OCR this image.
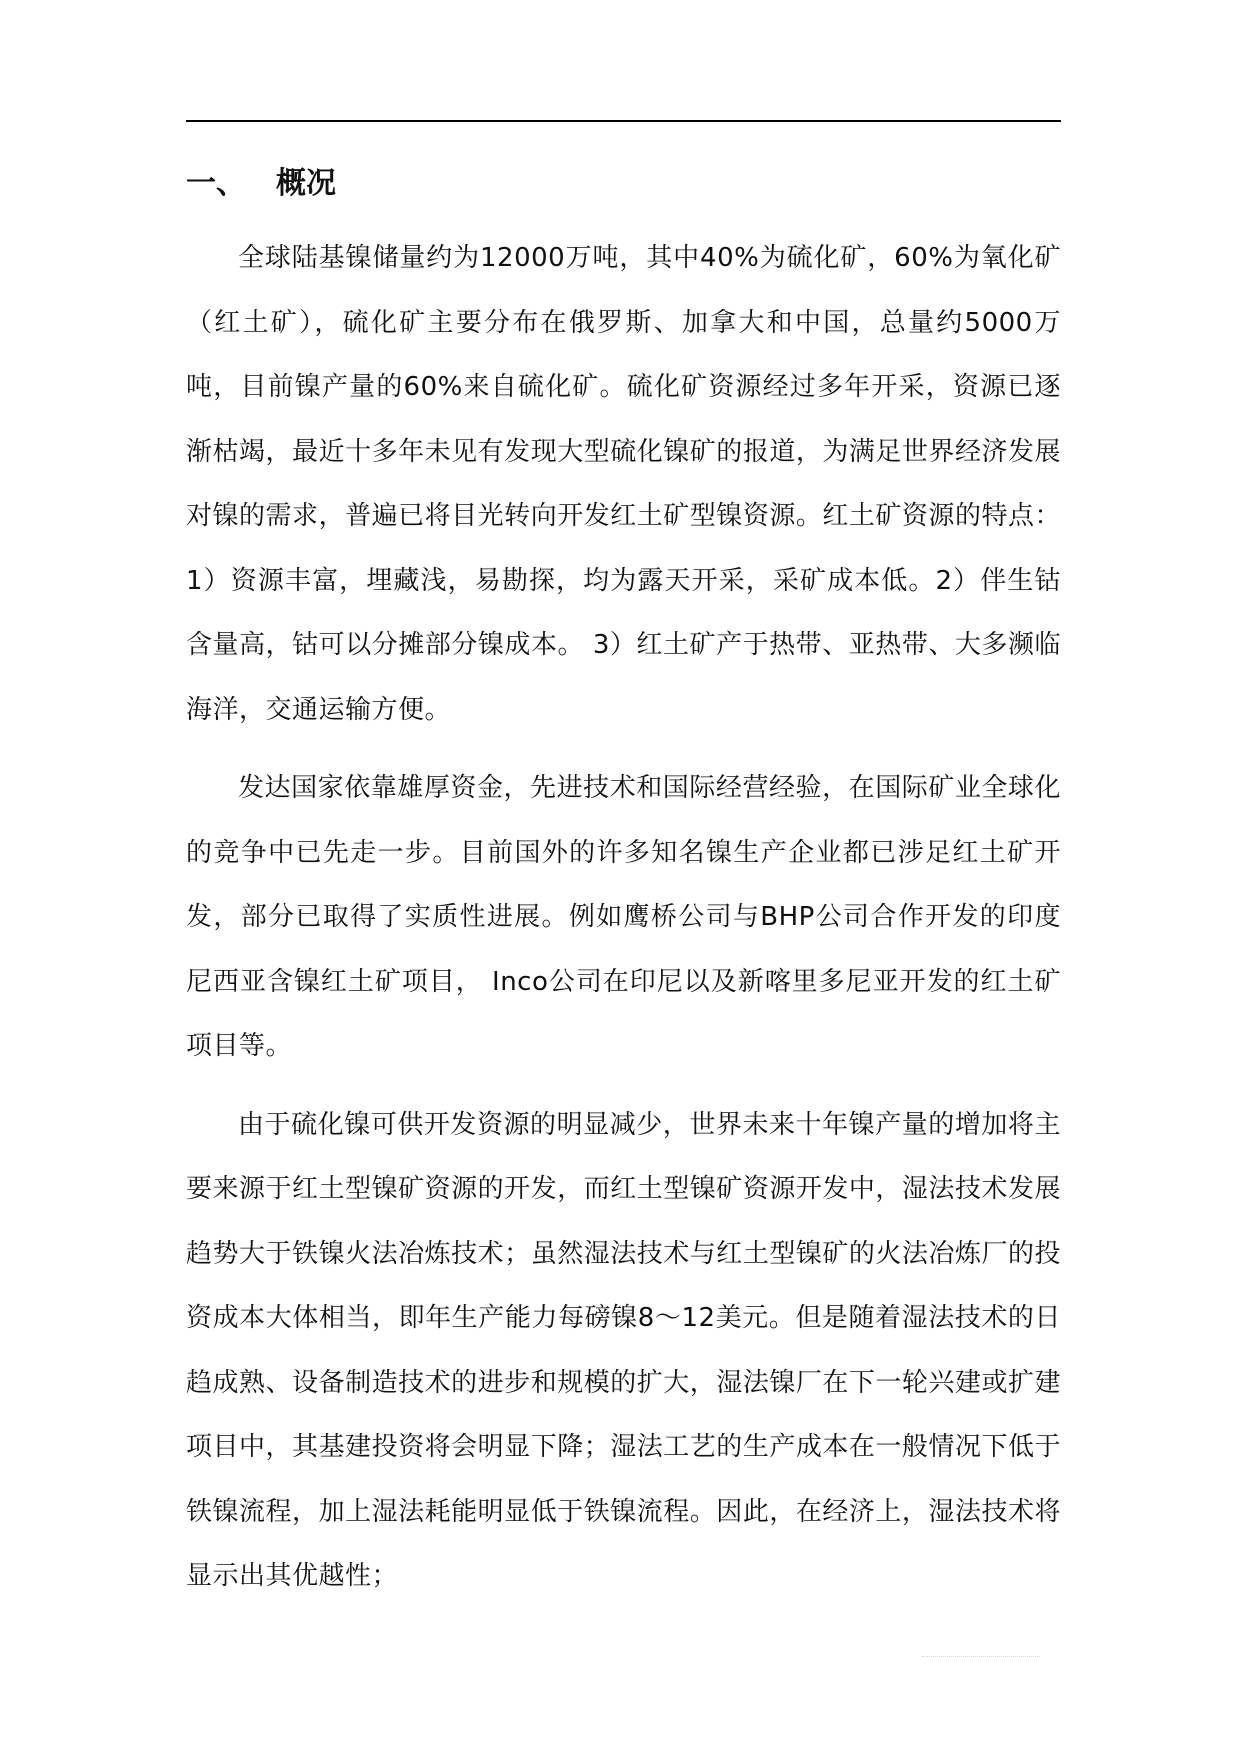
一、 概况

全球陆基镍储量约为12000万吨，其中40%为硫化矿，60%为氧化矿（红土矿），硫化矿主要分布在俄罗斯、加拿大和中国，总量约5000万吨，目前镍产量的60%来自硫化矿。硫化矿资源经过多年开采，资源已逐渐枯竭，最近十多年未见有发现大型硫化镍矿的报道，为满足世界经济发展对镍的需求，普遍已将目光转向开发红土矿型镍资源。红土矿资源的特点：1）资源丰富，埋藏浅，易勘探，均为露天开采，采矿成本低。2）伴生钴含量高，钴可以分摊部分镍成本。 3）红土矿产于热带、亚热带、大多濒临海洋，交通运输方便。

发达国家依靠雄厚资金，先进技术和国际经营经验，在国际矿业全球化的竞争中已先走一步。目前国外的许多知名镍生产企业都已涉足红土矿开发，部分已取得了实质性进展。例如鹰桥公司与BHP公司合作开发的印度尼西亚含镍红土矿项目， Inco公司在印尼以及新喀里多尼亚开发的红土矿项目等。

由于硫化镍可供开发资源的明显减少，世界未来十年镍产量的增加将主要来源于红土型镍矿资源的开发，而红土型镍矿资源开发中，湿法技术发展趋势大于铁镍火法冶炼技术；虽然湿法技术与红土型镍矿的火法冶炼厂的投资成本大体相当，即年生产能力每磅镍8～12美元。但是随着湿法技术的日趋成熟、设备制造技术的进步和规模的扩大，湿法镍厂在下一轮兴建或扩建项目中，其基建投资将会明显下降；湿法工艺的生产成本在一般情况下低于铁镍流程，加上湿法耗能明显低于铁镍流程。因此，在经济上，湿法技术将显示出其优越性；
